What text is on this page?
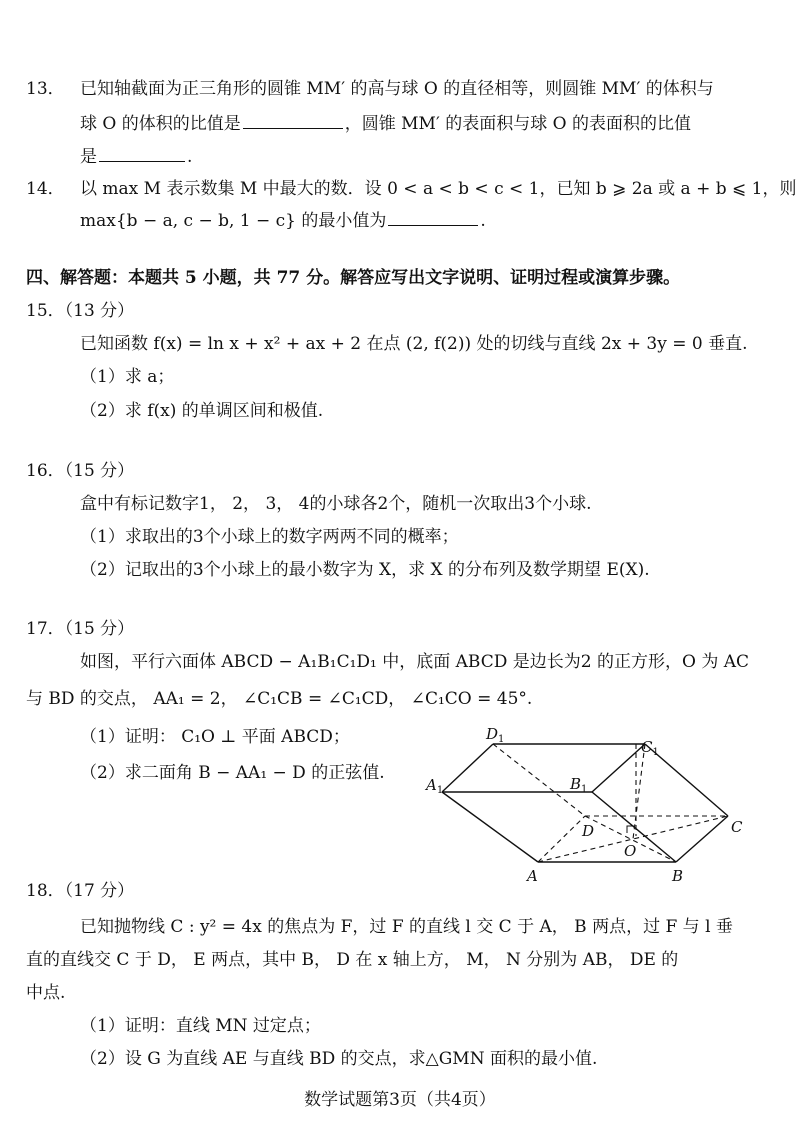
13． 已知轴截面为正三角形的圆锥 MM′ 的高与球 O 的直径相等，则圆锥 MM′ 的体积与
球 O 的体积的比值是	，圆锥 MM′ 的表面积与球 O 的表面积的比值
是	.
14． 以 max M 表示数集 M 中最大的数．设 0 < a < b < c < 1，已知 b ⩾ 2a 或 a + b ⩽ 1，则
max{b − a, c − b, 1 − c} 的最小值为	.
四、解答题：本题共 5 小题，共 77 分。解答应写出文字说明、证明过程或演算步骤。
15．（13 分）
已知函数 f(x) = ln x + x² + ax + 2 在点 (2, f(2)) 处的切线与直线 2x + 3y = 0 垂直.
（1）求 a；
（2）求 f(x) 的单调区间和极值.
16．（15 分）
盒中有标记数字1， 2， 3， 4的小球各2个，随机一次取出3个小球.
（1）求取出的3个小球上的数字两两不同的概率；
（2）记取出的3个小球上的最小数字为 X，求 X 的分布列及数学期望 E(X).
17．（15 分）
如图，平行六面体 ABCD − A₁B₁C₁D₁ 中，底面 ABCD 是边长为2 的正方形，O 为 AC
与 BD 的交点， AA₁ = 2， ∠C₁CB = ∠C₁CD， ∠C₁CO = 45°.
（1）证明： C₁O ⊥ 平面 ABCD；
（2）求二面角 B − AA₁ − D 的正弦值.
$D_1$	$C_1$
$A_1$	$B_1$
D	C
A	B
O
18．（17 分）
已知抛物线 C : y² = 4x 的焦点为 F，过 F 的直线 l 交 C 于 A， B 两点，过 F 与 l 垂
直的直线交 C 于 D， E 两点，其中 B， D 在 x 轴上方， M， N 分别为 AB， DE 的
中点.
（1）证明：直线 MN 过定点；
（2）设 G 为直线 AE 与直线 BD 的交点，求△GMN 面积的最小值.
数学试题第3页（共4页）
